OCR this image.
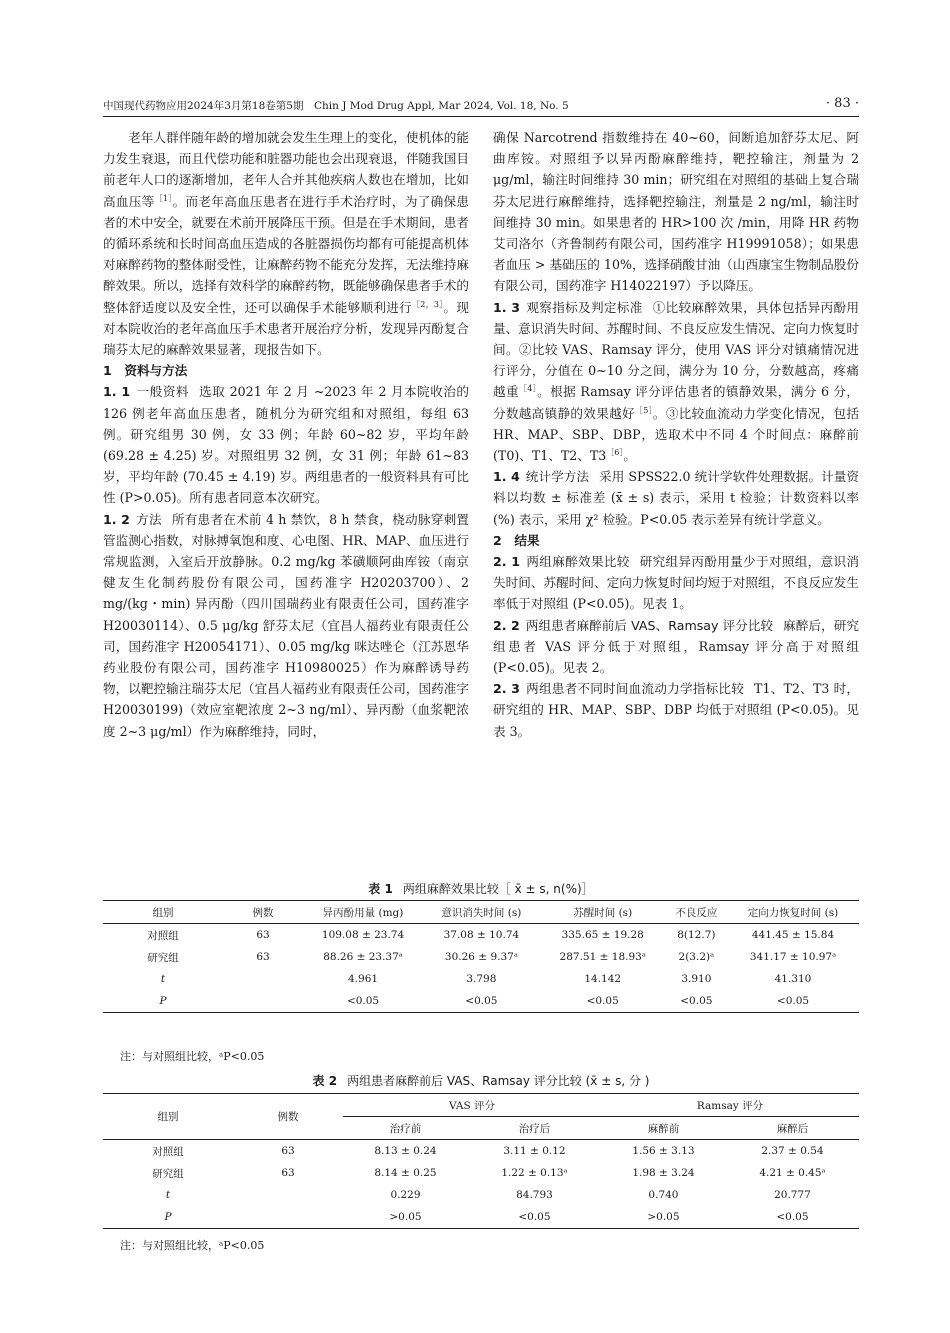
中国现代药物应用2024年3月第18卷第5期　Chin J Mod Drug Appl, Mar 2024, Vol. 18, No. 5	· 83 ·

老年人群伴随年龄的增加就会发生生理上的变化，使机体的能力发生衰退，而且代偿功能和脏器功能也会出现衰退，伴随我国目前老年人口的逐渐增加，老年人合并其他疾病人数也在增加，比如高血压等$^{[1]}$。而老年高血压患者在进行手术治疗时，为了确保患者的术中安全，就要在术前开展降压干预。但是在手术期间，患者的循环系统和长时间高血压造成的各脏器损伤均都有可能提高机体对麻醉药物的整体耐受性，让麻醉药物不能充分发挥，无法维持麻醉效果。所以，选择有效科学的麻醉药物，既能够确保患者手术的整体舒适度以及安全性，还可以确保手术能够顺利进行$^{[2,3]}$。现对本院收治的老年高血压手术患者开展治疗分析，发现异丙酚复合瑞芬太尼的麻醉效果显著，现报告如下。

1　资料与方法

1. 1 一般资料 选取 2021 年 2 月 ~2023 年 2 月本院收治的 126 例老年高血压患者，随机分为研究组和对照组，每组 63 例。研究组男 30 例，女 33 例；年龄 60~82 岁，平均年龄 (69.28 ± 4.25) 岁。对照组男 32 例，女 31 例；年龄 61~83 岁，平均年龄 (70.45 ± 4.19) 岁。两组患者的一般资料具有可比性 (P>0.05)。所有患者同意本次研究。

1. 2 方法 所有患者在术前 4 h 禁饮，8 h 禁食，桡动脉穿刺置管监测心指数，对脉搏氧饱和度、心电图、HR、MAP、血压进行常规监测，入室后开放静脉。0.2 mg/kg 苯磺顺阿曲库铵（南京健友生化制药股份有限公司，国药准字 H20203700）、2 mg/(kg・min) 异丙酚（四川国瑞药业有限责任公司，国药准字 H20030114）、0.5 μg/kg 舒芬太尼（宜昌人福药业有限责任公司，国药准字 H20054171）、0.05 mg/kg 咪达唑仑（江苏恩华药业股份有限公司，国药准字 H10980025）作为麻醉诱导药物，以靶控输注瑞芬太尼（宜昌人福药业有限责任公司，国药准字 H20030199)（效应室靶浓度 2~3 ng/ml）、异丙酚（血浆靶浓度 2~3 μg/ml）作为麻醉维持，同时，

确保 Narcotrend 指数维持在 40~60，间断追加舒芬太尼、阿曲库铵。对照组予以异丙酚麻醉维持，靶控输注，剂量为 2 μg/ml，输注时间维持 30 min；研究组在对照组的基础上复合瑞芬太尼进行麻醉维持，选择靶控输注，剂量是 2 ng/ml，输注时间维持 30 min。如果患者的 HR>100 次 /min，用降 HR 药物艾司洛尔（齐鲁制药有限公司，国药准字 H19991058）；如果患者血压 > 基础压的 10%，选择硝酸甘油（山西康宝生物制品股份有限公司，国药准字 H14022197）予以降压。

1. 3 观察指标及判定标准 ①比较麻醉效果，具体包括异丙酚用量、意识消失时间、苏醒时间、不良反应发生情况、定向力恢复时间。②比较 VAS、Ramsay 评分，使用 VAS 评分对镇痛情况进行评分，分值在 0~10 分之间，满分为 10 分，分数越高，疼痛越重$^{[4]}$。根据 Ramsay 评分评估患者的镇静效果，满分 6 分，分数越高镇静的效果越好$^{[5]}$。③比较血流动力学变化情况，包括 HR、MAP、SBP、DBP，选取术中不同 4 个时间点：麻醉前 (T0)、T1、T2、$T3^{[6]}$。

1. 4 统计学方法 采用 SPSS22.0 统计学软件处理数据。计量资料以均数 ± 标准差 (x̄ ± s) 表示，采用 t 检验；计数资料以率 (%) 表示，采用 χ² 检验。P<0.05 表示差异有统计学意义。

2　结果

2. 1 两组麻醉效果比较 研究组异丙酚用量少于对照组，意识消失时间、苏醒时间、定向力恢复时间均短于对照组，不良反应发生率低于对照组 (P<0.05)。见表 1。

2. 2 两组患者麻醉前后 VAS、Ramsay 评分比较 麻醉后，研究组患者 VAS 评分低于对照组，Ramsay 评分高于对照组 (P<0.05)。见表 2。

2. 3 两组患者不同时间血流动力学指标比较 T1、T2、T3 时，研究组的 HR、MAP、SBP、DBP 均低于对照组 (P<0.05)。见表 3。

表 1 两组麻醉效果比较［ x̄ ± s, n(%)］
组别	例数	异丙酚用量 (mg)	意识消失时间 (s)	苏醒时间 (s)	不良反应	定向力恢复时间 (s)
对照组	63	109.08 ± 23.74	37.08 ± 10.74	335.65 ± 19.28	8(12.7)	441.45 ± 15.84
研究组	63	88.26 ± 23.37ᵃ	30.26 ± 9.37ᵃ	287.51 ± 18.93ᵃ	2(3.2)ᵃ	341.17 ± 10.97ᵃ
t		4.961	3.798	14.142	3.910	41.310
P		<0.05	<0.05	<0.05	<0.05	<0.05
注：与对照组比较，ᵃP<0.05
表 2 两组患者麻醉前后 VAS、Ramsay 评分比较 (x̄ ± s, 分 )
组别	例数	VAS 评分		Ramsay 评分	
		治疗前	治疗后	麻醉前	麻醉后
对照组	63	8.13 ± 0.24	3.11 ± 0.12	1.56 ± 3.13	2.37 ± 0.54
研究组	63	8.14 ± 0.25	1.22 ± 0.13ᵃ	1.98 ± 3.24	4.21 ± 0.45ᵃ
t		0.229	84.793	0.740	20.777
P		>0.05	<0.05	>0.05	<0.05
注：与对照组比较，ᵃP<0.05
